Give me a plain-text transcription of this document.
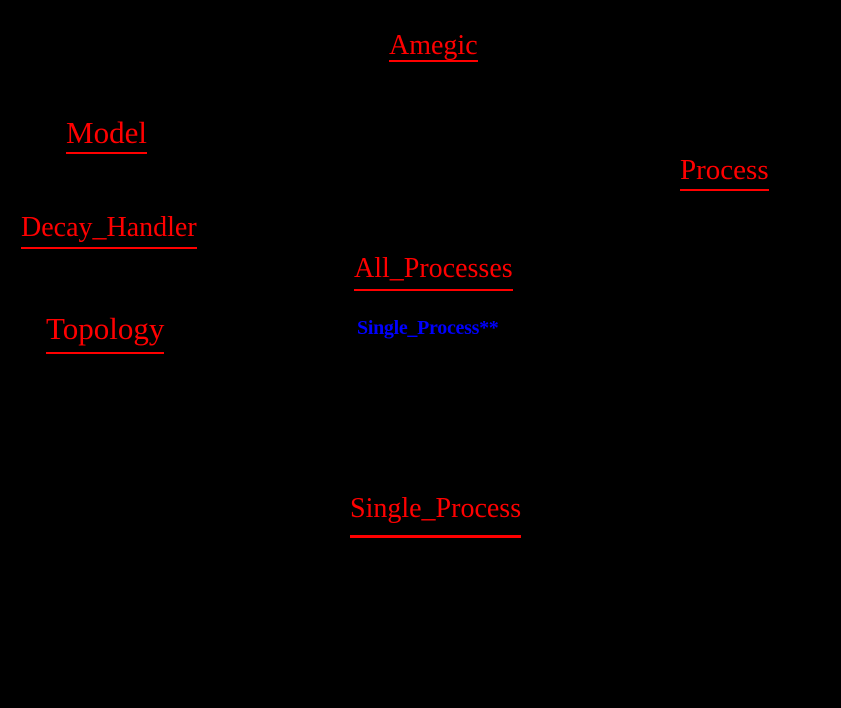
Amegic
Model
Process
Decay_Handler
All_Processes
Topology
Single_Process
Single_Process**
